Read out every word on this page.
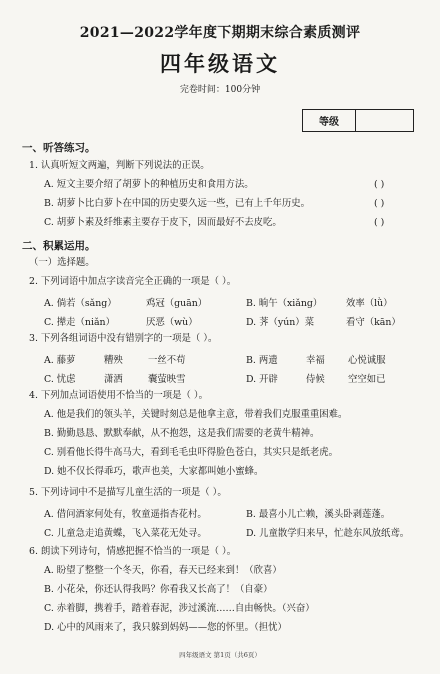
2021—2022学年度下期期末综合素质测评
四年级语文
完卷时间：100分钟
等级
一、听答练习。
1. 认真听短文两遍，判断下列说法的正误。
A. 短文主要介绍了胡萝卜的种植历史和食用方法。	( )
B. 胡萝卜比白萝卜在中国的历史要久远一些，已有上千年历史。	( )
C. 胡萝卜素及纤维素主要存于皮下，因而最好不去皮吃。	( )
二、积累运用。
（一）选择题。
2. 下列词语中加点字读音完全正确的一项是（ ）。
A. 倘若（sǎng）	鸡冠（guān）	B. 晌午（xiǎng）	效率（lǜ）
C. 撵走（niǎn）	厌恶（wù）	D. 荠（yún）菜	看守（kān）
3. 下列各组词语中没有错别字的一项是（ ）。
A. 藤萝	糟殃	一丝不苟	B. 两遗	幸福 心悦诚服
C. 忧虑	潇洒	囊萤映雪	D. 开辟	侍候 空空如已
4. 下列加点词语使用不恰当的一项是（ ）。
A. 他是我们的领头羊，关键时刻总是他拿主意，带着我们克服重重困难。
B. 勤勤恳恳、默默奉献，从不抱怨，这是我们需要的老黄牛精神。
C. 别看他长得牛高马大，看到毛毛虫吓得脸色苍白，其实只是纸老虎。
D. 她不仅长得乖巧，歌声也美，大家都叫她小蜜蜂。
5. 下列诗词中不是描写儿童生活的一项是（ ）。
A. 借问酒家何处有，牧童遥指杏花村。	B. 最喜小儿亡赖，溪头卧剥莲蓬。
C. 儿童急走追黄蝶，飞入菜花无处寻。	D. 儿童散学归来早，忙趁东风放纸鸢。
6. 朗读下列诗句，情感把握不恰当的一项是（ ）。
A. 盼望了整整一个冬天，你看，春天已经来到！（欣喜）
B. 小花朵，你还认得我吗？你看我又长高了！（自豪）
C. 赤着脚，携着手，踏着春泥，涉过溪流……自由畅快。（兴奋）
D. 心中的风雨来了，我只躲到妈妈——您的怀里。（担忧）
四年级语文 第1页（共6页）
